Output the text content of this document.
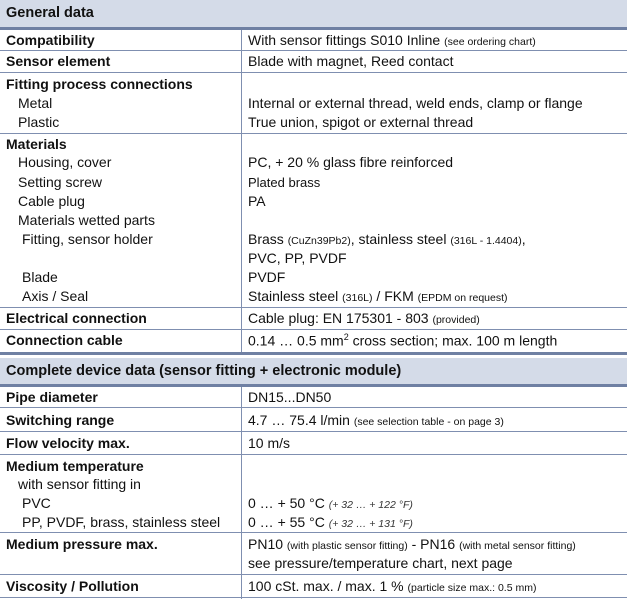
General data
Compatibility	With sensor fittings S010 Inline (see ordering chart)
Sensor element	Blade with magnet, Reed contact
Fitting process connections
Metal	Internal or external thread, weld ends, clamp or flange
Plastic	True union, spigot or external thread
Materials
Housing, cover	PC, + 20 % glass fibre reinforced
Setting screw	Plated brass
Cable plug	PA
Materials wetted parts
Fitting, sensor holder	Brass (CuZn39Pb2), stainless steel (316L - 1.4404),
PVC, PP, PVDF
Blade	PVDF
Axis / Seal	Stainless steel (316L) / FKM (EPDM on request)
Electrical connection	Cable plug: EN 175301 - 803 (provided)
Connection cable	0.14 … 0.5 $mm^2$ cross section; max. 100 m length
Complete device data (sensor fitting + electronic module)
Pipe diameter	DN15...DN50
Switching range	4.7 … 75.4 l/min (see selection table - on page 3)
Flow velocity max.	10 m/s
Medium temperature
with sensor fitting in
PVC	0 … + 50 °C (+ 32 … + 122 °F)
PP, PVDF, brass, stainless steel 0 … + 55 °C (+ 32 … + 131 °F)
Medium pressure max.	PN10 (with plastic sensor fitting) - PN16 (with metal sensor fitting)
see pressure/temperature chart, next page
Viscosity / Pollution	100 cSt. max. / max. 1 % (particle size max.: 0.5 mm)
